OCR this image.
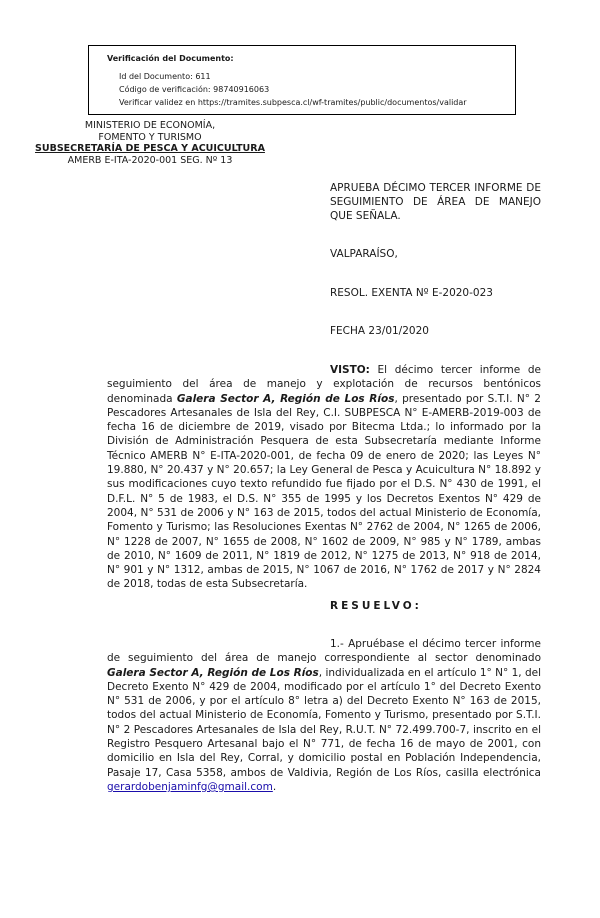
Verificación del Documento:
• Id del Documento: 611
• Código de verificación: 98740916063
• Verificar validez en https://tramites.subpesca.cl/wf-tramites/public/documentos/validar
MINISTERIO DE ECONOMÍA,
FOMENTO Y TURISMO
SUBSECRETARÍA DE PESCA Y ACUICULTURA
AMERB E-ITA-2020-001 SEG. Nº 13
APRUEBA DÉCIMO TERCER INFORME DE SEGUIMIENTO DE ÁREA DE MANEJO QUE SEÑALA.
VALPARAÍSO,
RESOL. EXENTA Nº E-2020-023
FECHA 23/01/2020
VISTO: El décimo tercer informe de seguimiento del área de manejo y explotación de recursos bentónicos denominada Galera Sector A, Región de Los Ríos, presentado por S.T.I. N° 2 Pescadores Artesanales de Isla del Rey, C.I. SUBPESCA N° E-AMERB-2019-003 de fecha 16 de diciembre de 2019, visado por Bitecma Ltda.; lo informado por la División de Administración Pesquera de esta Subsecretaría mediante Informe Técnico AMERB N° E-ITA-2020-001, de fecha 09 de enero de 2020; las Leyes N° 19.880, N° 20.437 y N° 20.657; la Ley General de Pesca y Acuicultura N° 18.892 y sus modificaciones cuyo texto refundido fue fijado por el D.S. N° 430 de 1991, el D.F.L. N° 5 de 1983, el D.S. N° 355 de 1995 y los Decretos Exentos N° 429 de 2004, N° 531 de 2006 y N° 163 de 2015, todos del actual Ministerio de Economía, Fomento y Turismo; las Resoluciones Exentas N° 2762 de 2004, N° 1265 de 2006, N° 1228 de 2007, N° 1655 de 2008, N° 1602 de 2009, N° 985 y N° 1789, ambas de 2010, N° 1609 de 2011, N° 1819 de 2012, N° 1275 de 2013, N° 918 de 2014, N° 901 y N° 1312, ambas de 2015, N° 1067 de 2016, N° 1762 de 2017 y N° 2824 de 2018, todas de esta Subsecretaría.
RESUELVO:
1.- Apruébase el décimo tercer informe de seguimiento del área de manejo correspondiente al sector denominado Galera Sector A, Región de Los Ríos, individualizada en el artículo 1° N° 1, del Decreto Exento N° 429 de 2004, modificado por el artículo 1° del Decreto Exento N° 531 de 2006, y por el artículo 8° letra a) del Decreto Exento N° 163 de 2015, todos del actual Ministerio de Economía, Fomento y Turismo, presentado por S.T.I. N° 2 Pescadores Artesanales de Isla del Rey, R.U.T. N° 72.499.700-7, inscrito en el Registro Pesquero Artesanal bajo el N° 771, de fecha 16 de mayo de 2001, con domicilio en Isla del Rey, Corral, y domicilio postal en Población Independencia, Pasaje 17, Casa 5358, ambos de Valdivia, Región de Los Ríos, casilla electrónica gerardobenjaminfg@gmail.com.
